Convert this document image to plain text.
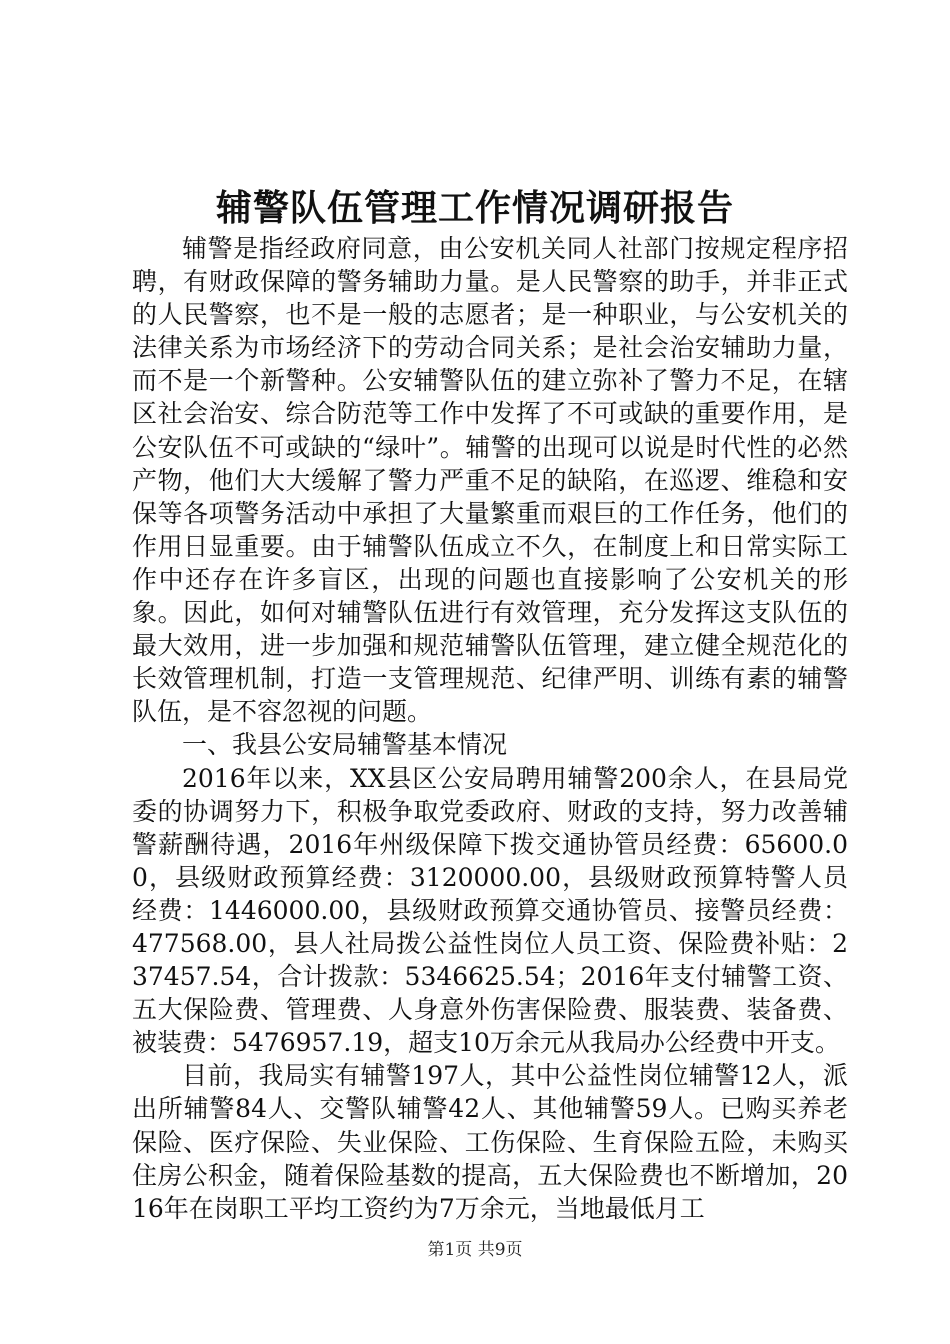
辅警队伍管理工作情况调研报告

辅警是指经政府同意，由公安机关同人社部门按规定程序招聘，有财政保障的警务辅助力量。是人民警察的助手，并非正式的人民警察，也不是一般的志愿者；是一种职业，与公安机关的法律关系为市场经济下的劳动合同关系；是社会治安辅助力量，而不是一个新警种。公安辅警队伍的建立弥补了警力不足，在辖区社会治安、综合防范等工作中发挥了不可或缺的重要作用，是公安队伍不可或缺的“绿叶”。辅警的出现可以说是时代性的必然产物，他们大大缓解了警力严重不足的缺陷，在巡逻、维稳和安保等各项警务活动中承担了大量繁重而艰巨的工作任务，他们的作用日显重要。由于辅警队伍成立不久，在制度上和日常实际工作中还存在许多盲区，出现的问题也直接影响了公安机关的形象。因此，如何对辅警队伍进行有效管理，充分发挥这支队伍的最大效用，进一步加强和规范辅警队伍管理，建立健全规范化的长效管理机制，打造一支管理规范、纪律严明、训练有素的辅警队伍，是不容忽视的问题。

一、我县公安局辅警基本情况

2016年以来，XX县区公安局聘用辅警200余人，在县局党委的协调努力下，积极争取党委政府、财政的支持，努力改善辅警薪酬待遇，2016年州级保障下拨交通协管员经费：65600.00，县级财政预算经费：3120000.00，县级财政预算特警人员经费：1446000.00，县级财政预算交通协管员、接警员经费：477568.00，县人社局拨公益性岗位人员工资、保险费补贴：237457.54，合计拨款：5346625.54；2016年支付辅警工资、五大保险费、管理费、人身意外伤害保险费、服装费、装备费、被装费：5476957.19，超支10万余元从我局办公经费中开支。

目前，我局实有辅警197人，其中公益性岗位辅警12人，派出所辅警84人、交警队辅警42人、其他辅警59人。已购买养老保险、医疗保险、失业保险、工伤保险、生育保险五险，未购买住房公积金，随着保险基数的提高，五大保险费也不断增加，2016年在岗职工平均工资约为7万余元，当地最低月工

第1页 共9页
